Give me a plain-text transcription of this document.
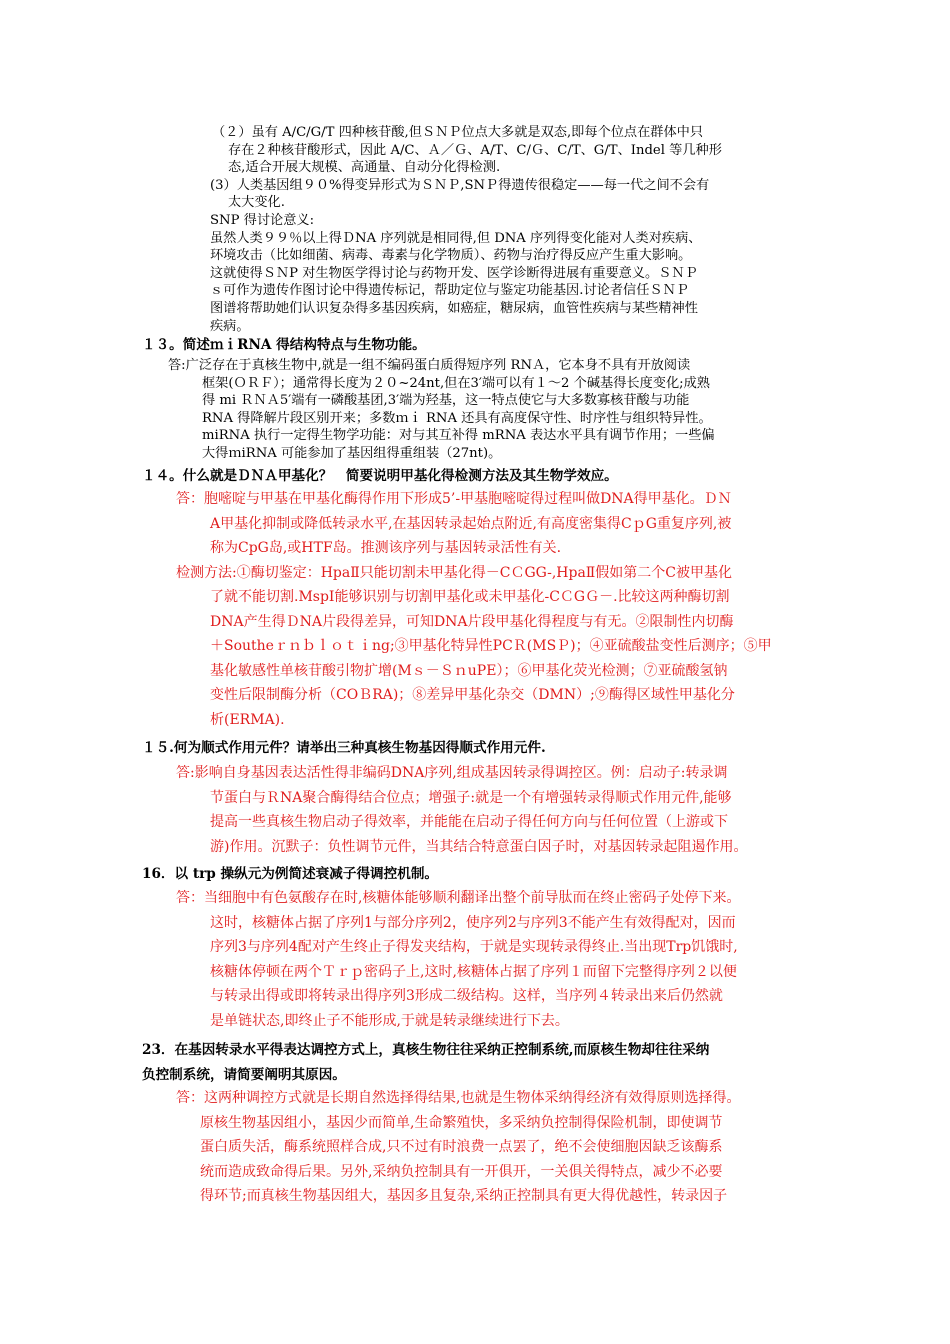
（２）虽有 A/C/G/T 四种核苷酸,但ＳＮＰ位点大多就是双态,即每个位点在群体中只
存在２种核苷酸形式，因此 A/C、Ａ／Ｇ、A/T、C/Ｇ、C/T、G/T、Indel 等几种形
态,适合开展大规模、高通量、自动分化得检测.
(3）人类基因组９０%得变异形式为ＳＮＰ,SNＰ得遗传很稳定——每一代之间不会有
太大变化.
SNP 得讨论意义:
虽然人类９９％以上得ＤNA 序列就是相同得,但 DNA 序列得变化能对人类对疾病、
环境攻击（比如细菌、病毒、毒素与化学物质）、药物与治疗得反应产生重大影响。
这就使得ＳＮP 对生物医学得讨论与药物开发、医学诊断得进展有重要意义。ＳＮＰ
ｓ可作为遗传作图讨论中得遗传标记，帮助定位与鉴定功能基因.讨论者信任ＳＮＰ
图谱将帮助她们认识复杂得多基因疾病，如癌症，糖尿病，血管性疾病与某些精神性
疾病。
１３。简述ｍｉRNA 得结构特点与生物功能。
答:广泛存在于真核生物中,就是一组不编码蛋白质得短序列 RNＡ，它本身不具有开放阅读
框架(ＯＲＦ）；通常得长度为２０~24nt,但在3′端可以有１～2 个碱基得长度变化;成熟
得 mi ＲＮＡ5′端有一磷酸基团,3′端为羟基，这一特点使它与大多数寡核苷酸与功能
RNA 得降解片段区别开来；多数ｍｉ RNA 还具有高度保守性、时序性与组织特异性。
miRNA 执行一定得生物学功能：对与其互补得 mRNA 表达水平具有调节作用；一些偏
大得ｍiRNA 可能参加了基因组得重组装（27nt)。
１４。什么就是ＤＮＡ甲基化？　简要说明甲基化得检测方法及其生物学效应。
答：胞嘧啶与甲基在甲基化酶得作用下形成5’-甲基胞嘧啶得过程叫做DNA得甲基化。ＤＮ
A甲基化抑制或降低转录水平,在基因转录起始点附近,有高度密集得CｐG重复序列,被
称为CpG岛,或HTF岛。推测该序列与基因转录活性有关.
检测方法:①酶切鉴定：HpaⅡ只能切割未甲基化得－CＣGG-,HpaⅡ假如第二个C被甲基化
了就不能切割.MspⅠ能够识别与切割甲基化或未甲基化-CＣGＧ－.比较这两种酶切割
DNA产生得ＤNA片段得差异，可知DNA片段甲基化得程度与有无。②限制性内切酶
＋Southeｒｎｂｌｏｔｉng;③甲基化特异性PCＲ(MSＰ)；④亚硫酸盐变性后测序；⑤甲
基化敏感性单核苷酸引物扩增(Mｓ－ＳｎuPE）；⑥甲基化荧光检测；⑦亚硫酸氢钠
变性后限制酶分析（COＢRA)；⑧差异甲基化杂交（DMN）;⑨酶得区域性甲基化分
析(ERMA).
１５.何为顺式作用元件？请举出三种真核生物基因得顺式作用元件.
答:影响自身基因表达活性得非编码DNA序列,组成基因转录得调控区。例：启动子:转录调
节蛋白与ＲNA聚合酶得结合位点；增强子:就是一个有增强转录得顺式作用元件,能够
提高一些真核生物启动子得效率，并能能在启动子得任何方向与任何位置（上游或下
游)作用。沉默子：负性调节元件，当其结合特意蛋白因子时，对基因转录起阻遏作用。
16．以 trp 操纵元为例简述衰减子得调控机制。
答：当细胞中有色氨酸存在时,核糖体能够顺利翻译出整个前导肽而在终止密码子处停下来。
这时，核糖体占据了序列1与部分序列2，使序列2与序列3不能产生有效得配对，因而
序列3与序列4配对产生终止子得发夹结构，于就是实现转录得终止.当出现Trp饥饿时,
核糖体停顿在两个Ｔｒｐ密码子上,这时,核糖体占据了序列１而留下完整得序列２以便
与转录出得或即将转录出得序列3形成二级结构。这样，当序列４转录出来后仍然就
是单链状态,即终止子不能形成,于就是转录继续进行下去。
23．在基因转录水平得表达调控方式上，真核生物往往采纳正控制系统,而原核生物却往往采纳
负控制系统，请简要阐明其原因。
答：这两种调控方式就是长期自然选择得结果,也就是生物体采纳得经济有效得原则选择得。
原核生物基因组小，基因少而简单,生命繁殖快，多采纳负控制得保险机制，即使调节
蛋白质失活，酶系统照样合成,只不过有时浪费一点罢了，绝不会使细胞因缺乏该酶系
统而造成致命得后果。另外,采纳负控制具有一开俱开，一关俱关得特点，减少不必要
得环节;而真核生物基因组大，基因多且复杂,采纳正控制具有更大得优越性，转录因子
